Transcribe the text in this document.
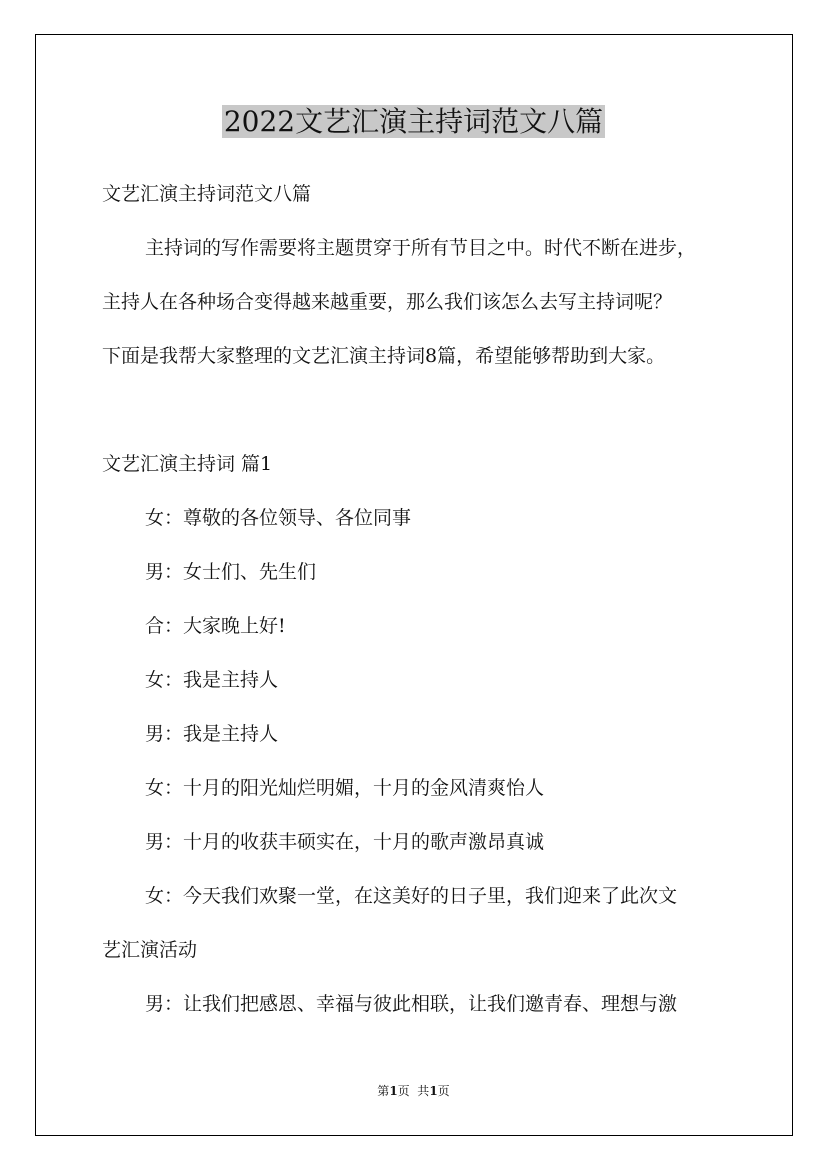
2022文艺汇演主持词范文八篇

文艺汇演主持词范文八篇

主持词的写作需要将主题贯穿于所有节目之中。时代不断在进步，

主持人在各种场合变得越来越重要，那么我们该怎么去写主持词呢？

下面是我帮大家整理的文艺汇演主持词8篇，希望能够帮助到大家。

文艺汇演主持词 篇1

女：尊敬的各位领导、各位同事

男：女士们、先生们

合：大家晚上好!

女：我是主持人

男：我是主持人

女：十月的阳光灿烂明媚，十月的金风清爽怡人

男：十月的收获丰硕实在，十月的歌声激昂真诚

女：今天我们欢聚一堂，在这美好的日子里，我们迎来了此次文

艺汇演活动

男：让我们把感恩、幸福与彼此相联，让我们邀青春、理想与激

第1页  共1页
